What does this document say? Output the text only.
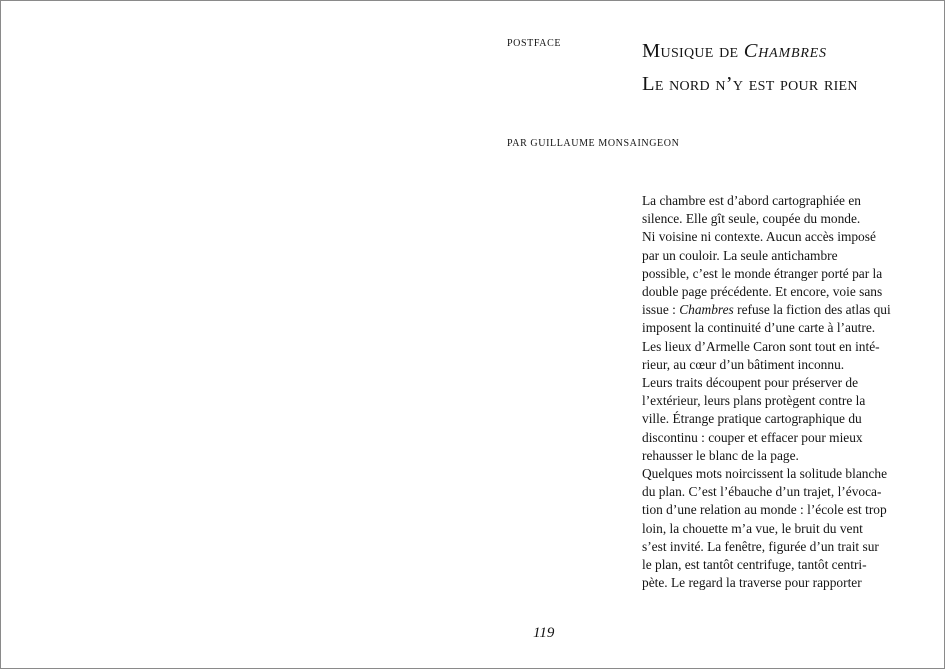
POSTFACE	Musique de Chambres
Le nord n’y est pour rien
PAR GUILLAUME MONSAINGEON
La chambre est d’abord cartographiée en
silence. Elle gît seule, coupée du monde.
Ni voisine ni contexte. Aucun accès imposé
par un couloir. La seule antichambre
possible, c’est le monde étranger porté par la
double page précédente. Et encore, voie sans
issue : Chambres refuse la fiction des atlas qui
imposent la continuité d’une carte à l’autre.
Les lieux d’Armelle Caron sont tout en inté-
rieur, au cœur d’un bâtiment inconnu.
Leurs traits découpent pour préserver de
l’extérieur, leurs plans protègent contre la
ville. Étrange pratique cartographique du
discontinu : couper et effacer pour mieux
rehausser le blanc de la page.
Quelques mots noircissent la solitude blanche
du plan. C’est l’ébauche d’un trajet, l’évoca-
tion d’une relation au monde : l’école est trop
loin, la chouette m’a vue, le bruit du vent
s’est invité. La fenêtre, figurée d’un trait sur
le plan, est tantôt centrifuge, tantôt centri-
pète. Le regard la traverse pour rapporter
119
